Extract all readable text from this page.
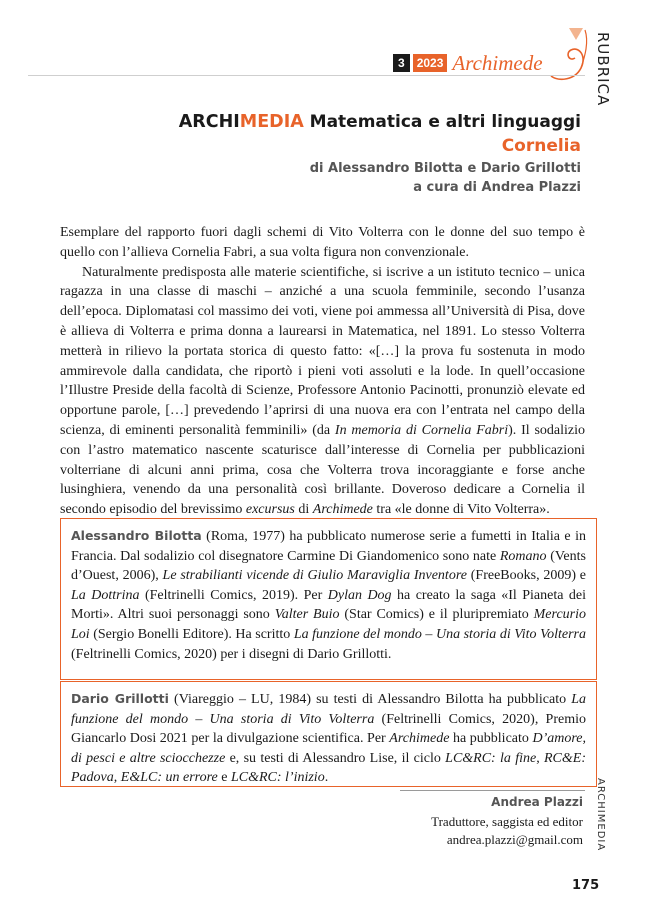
3	2023 Archimede	RUBRICA
ARCHIMEDIA Matematica e altri linguaggi
Cornelia
di Alessandro Bilotta e Dario Grillotti
a cura di Andrea Plazzi

Esemplare del rapporto fuori dagli schemi di Vito Volterra con le donne del suo tempo è quello con l’allieva Cornelia Fabri, a sua volta figura non convenzionale.

Naturalmente predisposta alle materie scientifiche, si iscrive a un istituto tecnico – unica ragazza in una classe di maschi – anziché a una scuola femminile, secondo l’usanza dell’epoca. Diplomatasi col massimo dei voti, viene poi ammessa all’Università di Pisa, dove è allieva di Volterra e prima donna a laurearsi in Matematica, nel 1891. Lo stesso Volterra metterà in rilievo la portata storica di questo fatto: «[…] la prova fu sostenuta in modo ammirevole dalla candidata, che riportò i pieni voti assoluti e la lode. In quell’occasione l’Illustre Preside della facoltà di Scienze, Professore Antonio Pacinotti, pronunziò elevate ed opportune parole, […] prevedendo l’aprirsi di una nuova era con l’entrata nel campo della scienza, di eminenti personalità femminili» (da In memoria di Cornelia Fabri). Il sodalizio con l’astro matematico nascente scaturisce dall’interesse di Cornelia per pubblicazioni volterriane di alcuni anni prima, cosa che Volterra trova incoraggiante e forse anche lusinghiera, venendo da una personalità così brillante. Doveroso dedicare a Cornelia il secondo episodio del brevissimo excursus di Archimede tra «le donne di Vito Volterra».

Alessandro Bilotta (Roma, 1977) ha pubblicato numerose serie a fumetti in Italia e in Francia. Dal sodalizio col disegnatore Carmine Di Giandomenico sono nate Romano (Vents d’Ouest, 2006), Le strabilianti vicende di Giulio Maraviglia Inventore (FreeBooks, 2009) e La Dottrina (Feltrinelli Comics, 2019). Per Dylan Dog ha creato la saga «Il Pianeta dei Morti». Altri suoi personaggi sono Valter Buio (Star Comics) e il pluripremiato Mercurio Loi (Sergio Bonelli Editore). Ha scritto La funzione del mondo – Una storia di Vito Volterra (Feltrinelli Comics, 2020) per i disegni di Dario Grillotti.

Dario Grillotti (Viareggio – LU, 1984) su testi di Alessandro Bilotta ha pubblicato La funzione del mondo – Una storia di Vito Volterra (Feltrinelli Comics, 2020), Premio Giancarlo Dosi 2021 per la divulgazione scientifica. Per Archimede ha pubblicato D’amore, di pesci e altre sciocchezze e, su testi di Alessandro Lise, il ciclo LC&RC: la fine, RC&E: Padova, E&LC: un errore e LC&RC: l’inizio.

Andrea Plazzi
Traduttore, saggista ed editor
andrea.plazzi@gmail.com ARCHIMEDIA
175
